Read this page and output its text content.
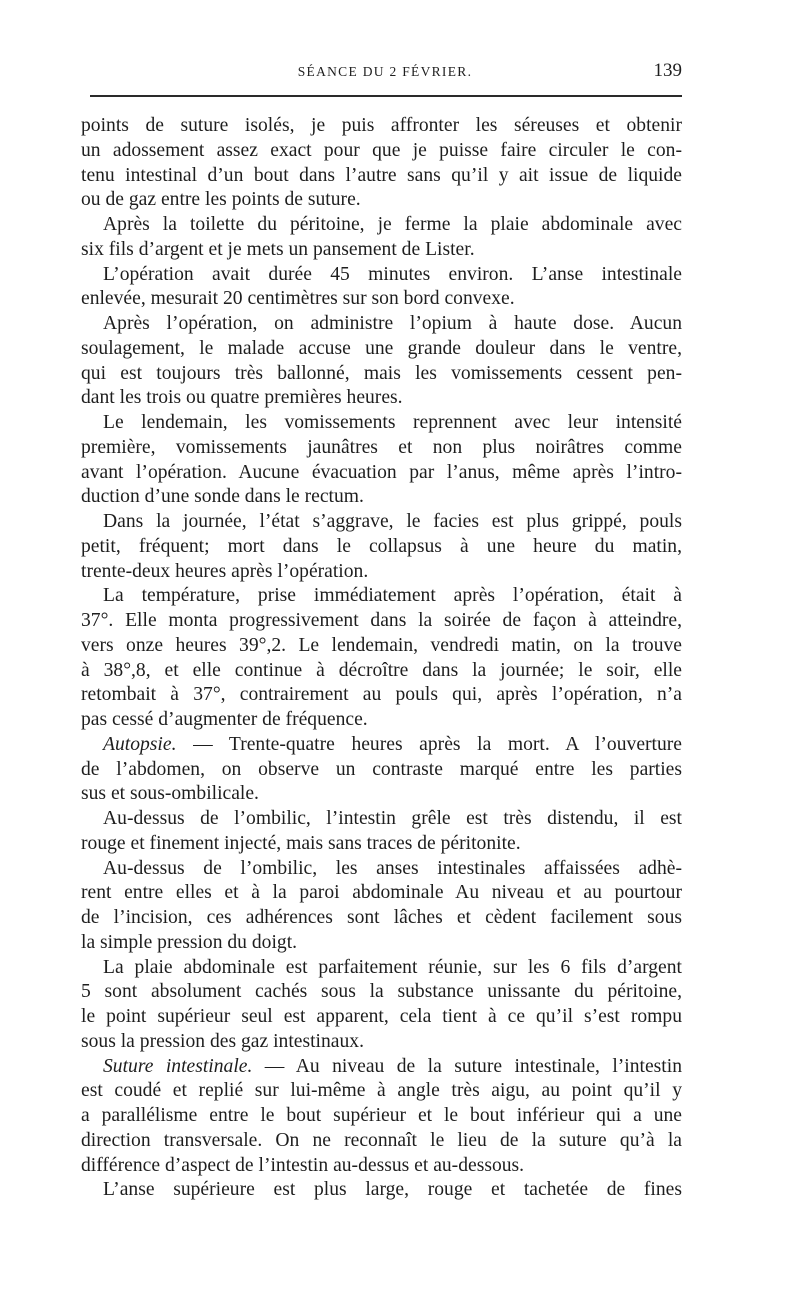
SÉANCE DU 2 FÉVRIER.	139
points de suture isolés, je puis affronter les séreuses et obtenir
un adossement assez exact pour que je puisse faire circuler le con-
tenu intestinal d’un bout dans l’autre sans qu’il y ait issue de liquide
ou de gaz entre les points de suture.
Après la toilette du péritoine, je ferme la plaie abdominale avec
six fils d’argent et je mets un pansement de Lister.
L’opération avait durée 45 minutes environ. L’anse intestinale
enlevée, mesurait 20 centimètres sur son bord convexe.
Après l’opération, on administre l’opium à haute dose. Aucun
soulagement, le malade accuse une grande douleur dans le ventre,
qui est toujours très ballonné, mais les vomissements cessent pen-
dant les trois ou quatre premières heures.
Le lendemain, les vomissements reprennent avec leur intensité
première, vomissements jaunâtres et non plus noirâtres comme
avant l’opération. Aucune évacuation par l’anus, même après l’intro-
duction d’une sonde dans le rectum.
Dans la journée, l’état s’aggrave, le facies est plus grippé, pouls
petit, fréquent; mort dans le collapsus à une heure du matin,
trente-deux heures après l’opération.
La température, prise immédiatement après l’opération, était à
37°. Elle monta progressivement dans la soirée de façon à atteindre,
vers onze heures 39°,2. Le lendemain, vendredi matin, on la trouve
à 38°,8, et elle continue à décroître dans la journée; le soir, elle
retombait à 37°, contrairement au pouls qui, après l’opération, n’a
pas cessé d’augmenter de fréquence.
Autopsie. — Trente-quatre heures après la mort. A l’ouverture
de l’abdomen, on observe un contraste marqué entre les parties
sus et sous-ombilicale.
Au-dessus de l’ombilic, l’intestin grêle est très distendu, il est
rouge et finement injecté, mais sans traces de péritonite.
Au-dessus de l’ombilic, les anses intestinales affaissées adhè-
rent entre elles et à la paroi abdominale Au niveau et au pourtour
de l’incision, ces adhérences sont lâches et cèdent facilement sous
la simple pression du doigt.
La plaie abdominale est parfaitement réunie, sur les 6 fils d’argent
5 sont absolument cachés sous la substance unissante du péritoine,
le point supérieur seul est apparent, cela tient à ce qu’il s’est rompu
sous la pression des gaz intestinaux.
Suture intestinale. — Au niveau de la suture intestinale, l’intestin
est coudé et replié sur lui-même à angle très aigu, au point qu’il y
a parallélisme entre le bout supérieur et le bout inférieur qui a une
direction transversale. On ne reconnaît le lieu de la suture qu’à la
différence d’aspect de l’intestin au-dessus et au-dessous.
L’anse supérieure est plus large, rouge et tachetée de fines
